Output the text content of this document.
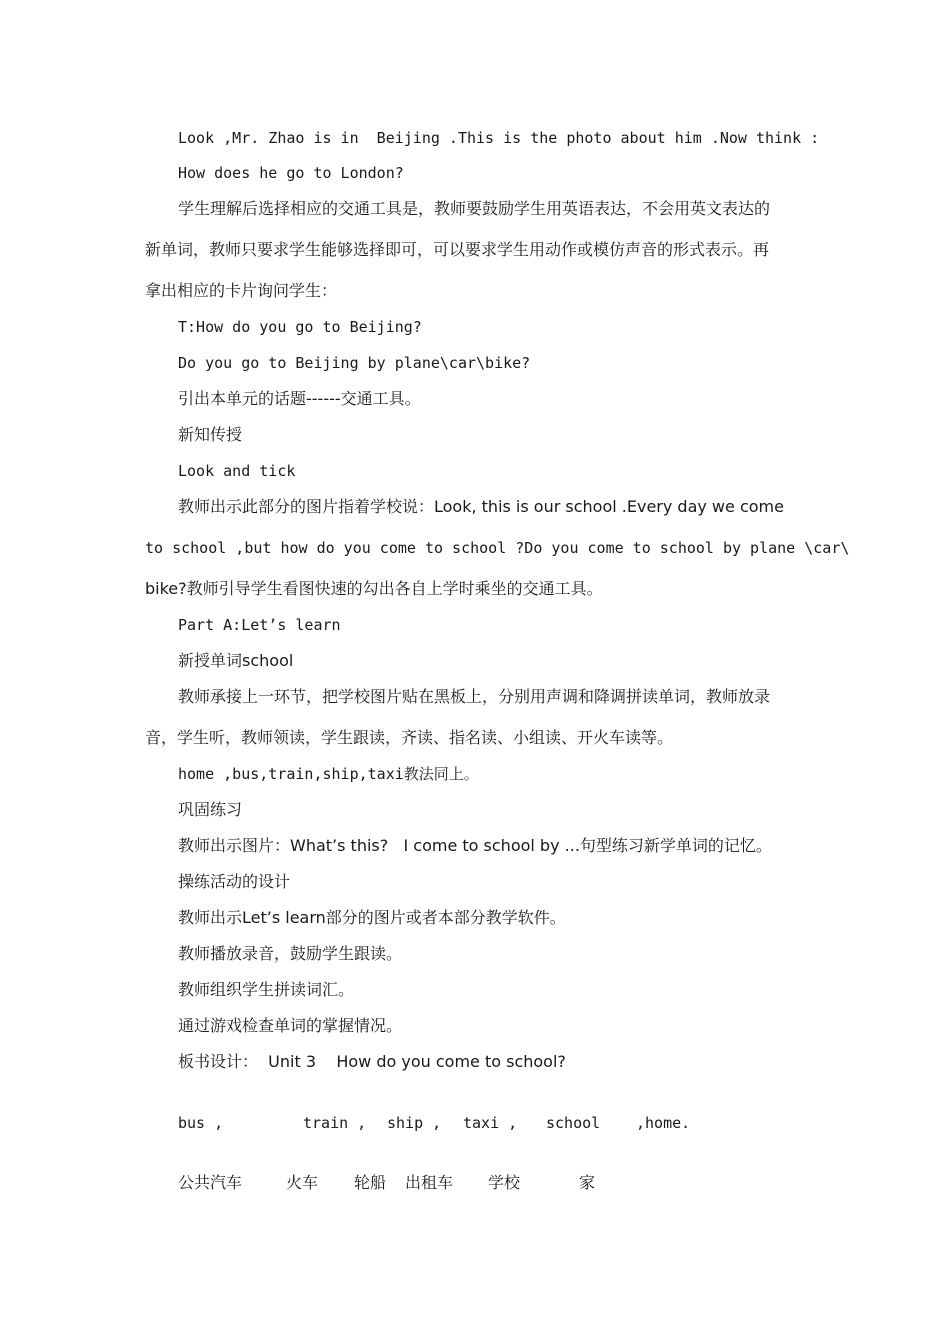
Look ,Mr. Zhao is in  Beijing .This is the photo about him .Now think :
How does he go to London?
学生理解后选择相应的交通工具是，教师要鼓励学生用英语表达，不会用英文表达的
新单词，教师只要求学生能够选择即可，可以要求学生用动作或模仿声音的形式表示。再
拿出相应的卡片询问学生：
T:How do you go to Beijing?
Do you go to Beijing by plane\car\bike?
引出本单元的话题------交通工具。
新知传授
Look and tick
教师出示此部分的图片指着学校说：Look, this is our school .Every day we come
to school ,but how do you come to school ?Do you come to school by plane \car\
bike?教师引导学生看图快速的勾出各自上学时乘坐的交通工具。
Part A:Let’s learn
新授单词school
教师承接上一环节，把学校图片贴在黑板上，分别用声调和降调拼读单词，教师放录
音，学生听，教师领读，学生跟读，齐读、指名读、小组读、开火车读等。
home ,bus,train,ship,taxi教法同上。
巩固练习
教师出示图片：What’s this?   I come to school by ...句型练习新学单词的记忆。
操练活动的设计
教师出示Let’s learn部分的图片或者本部分教学软件。
教师播放录音，鼓励学生跟读。
教师组织学生拼读词汇。
通过游戏检查单词的掌握情况。
板书设计：  Unit 3    How do you come to school?
bus ,	train , ship , taxi , school ,home.
公共汽车	火车 轮船 出租车 学校	家
